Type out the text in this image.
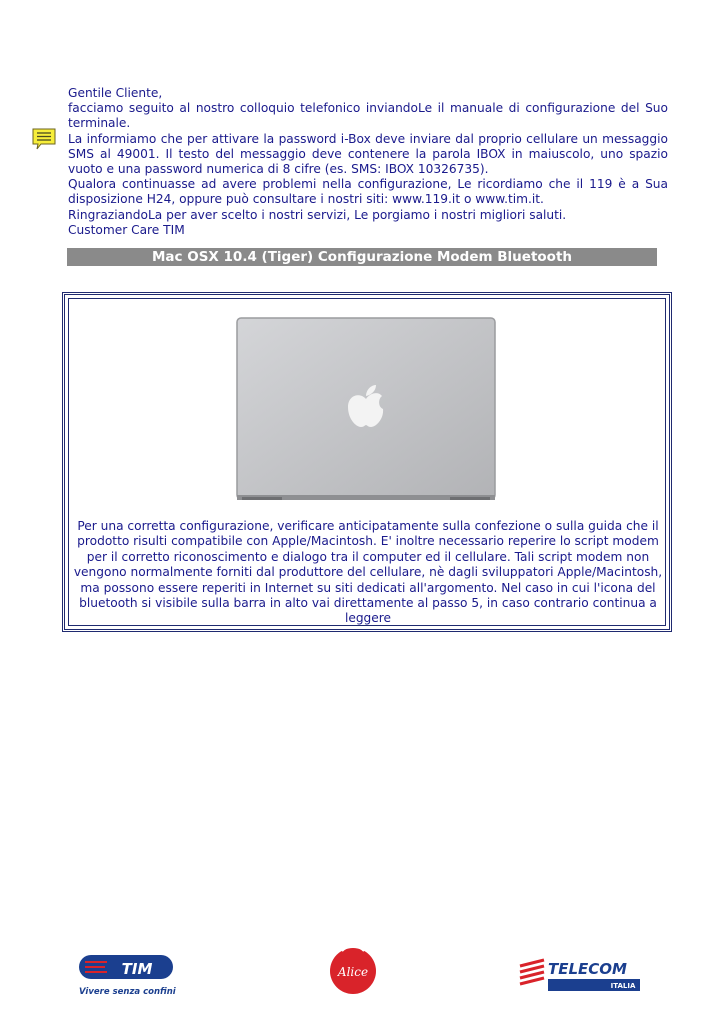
Gentile Cliente,

facciamo seguito al nostro colloquio telefonico inviandoLe il manuale di configurazione del Suo terminale.

La informiamo che per attivare la password i-Box deve inviare dal proprio cellulare un messaggio SMS al 49001. Il testo del messaggio deve contenere la parola IBOX in maiuscolo, uno spazio vuoto e una password numerica di 8 cifre (es. SMS: IBOX 10326735).

Qualora continuasse ad avere problemi nella configurazione, Le ricordiamo che il 119 è a Sua disposizione H24, oppure può consultare i nostri siti: www.119.it o www.tim.it.

RingraziandoLa per aver scelto i nostri servizi, Le porgiamo i nostri migliori saluti.

Customer Care TIM

Mac OSX 10.4 (Tiger) Configurazione Modem Bluetooth
Per una corretta configurazione, verificare anticipatamente sulla confezione o sulla guida che il prodotto risulti compatibile con Apple/Macintosh. E' inoltre necessario reperire lo script modem per il corretto riconoscimento e dialogo tra il computer ed il cellulare. Tali script modem non vengono normalmente forniti dal produttore del cellulare, nè dagli sviluppatori Apple/Macintosh, ma possono essere reperiti in Internet su siti dedicati all'argomento. Nel caso in cui l'icona del bluetooth si visibile sulla barra in alto vai direttamente al passo 5, in caso contrario continua a leggere
TIM
Vivere senza confini
Alice	TELECOM
ITALIA
